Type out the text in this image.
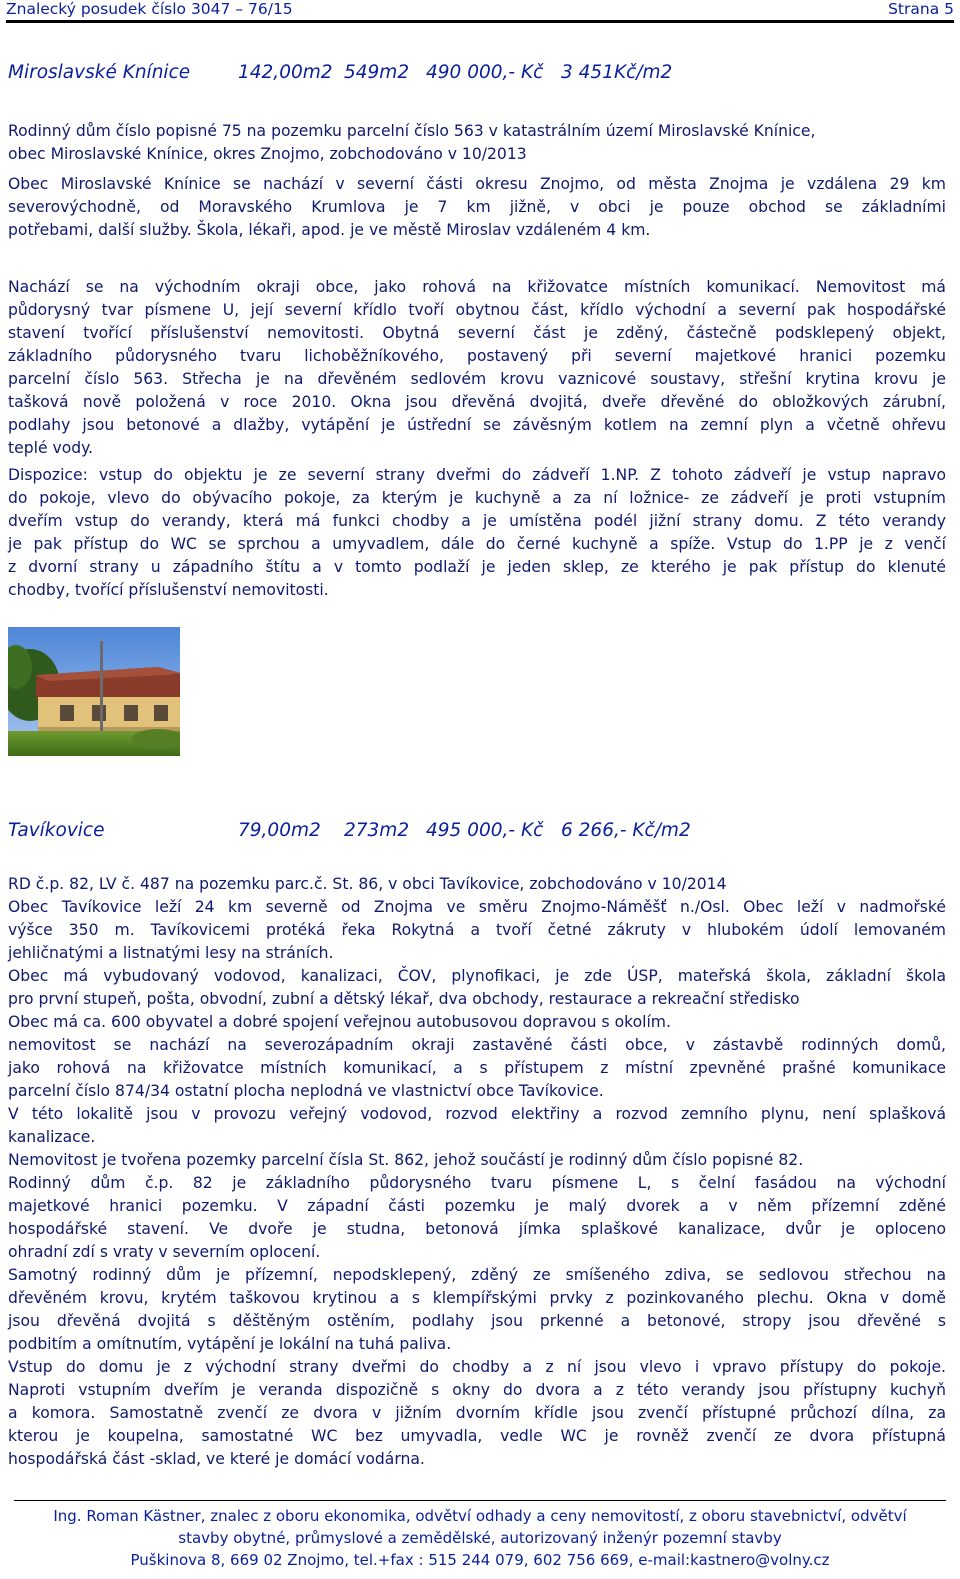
Znalecký posudek číslo 3047 – 76/15	Strana 5
Miroslavské Knínice	142,00m2 549m2 490 000,- Kč 3 451Kč/m2
Rodinný dům číslo popisné 75 na pozemku parcelní číslo 563 v katastrálním území Miroslavské Knínice,
obec Miroslavské Knínice, okres Znojmo, zobchodováno v 10/2013
Obec Miroslavské Knínice se nachází v severní části okresu Znojmo, od města Znojma je vzdálena 29 km
severovýchodně, od Moravského Krumlova je 7 km jižně, v obci je pouze obchod se základními
potřebami, další služby. Škola, lékaři, apod. je ve městě Miroslav vzdáleném 4 km.
Nachází se na východním okraji obce, jako rohová na křižovatce místních komunikací. Nemovitost má
půdorysný tvar písmene U, její severní křídlo tvoří obytnou část, křídlo východní a severní pak hospodářské
stavení tvořící příslušenství nemovitosti. Obytná severní část je zděný, částečně podsklepený objekt,
základního půdorysného tvaru lichoběžníkového, postavený při severní majetkové hranici pozemku
parcelní číslo 563. Střecha je na dřevěném sedlovém krovu vaznicové soustavy, střešní krytina krovu je
tašková nově položená v roce 2010. Okna jsou dřevěná dvojitá, dveře dřevěné do obložkových zárubní,
podlahy jsou betonové a dlažby, vytápění je ústřední se závěsným kotlem na zemní plyn a včetně ohřevu
teplé vody.
Dispozice: vstup do objektu je ze severní strany dveřmi do zádveří 1.NP. Z tohoto zádveří je vstup napravo
do pokoje, vlevo do obývacího pokoje, za kterým je kuchyně a za ní ložnice- ze zádveří je proti vstupním
dveřím vstup do verandy, která má funkci chodby a je umístěna podél jižní strany domu. Z této verandy
je pak přístup do WC se sprchou a umyvadlem, dále do černé kuchyně a spíže. Vstup do 1.PP je z venčí
z dvorní strany u západního štítu a v tomto podlaží je jeden sklep, ze kterého je pak přístup do klenuté
chodby, tvořící příslušenství nemovitosti.
Tavíkovice	79,00m2 273m2 495 000,- Kč 6 266,- Kč/m2
RD č.p. 82, LV č. 487 na pozemku parc.č. St. 86, v obci Tavíkovice, zobchodováno v 10/2014
Obec Tavíkovice leží 24 km severně od Znojma ve směru Znojmo-Náměšť n./Osl. Obec leží v nadmořské
výšce 350 m. Tavíkovicemi protéká řeka Rokytná a tvoří četné zákruty v hlubokém údolí lemovaném
jehličnatými a listnatými lesy na stráních.
Obec má vybudovaný vodovod, kanalizaci, ČOV, plynofikaci, je zde ÚSP, mateřská škola, základní škola
pro první stupeň, pošta, obvodní, zubní a dětský lékař, dva obchody, restaurace a rekreační středisko
Obec má ca. 600 obyvatel a dobré spojení veřejnou autobusovou dopravou s okolím.
nemovitost se nachází na severozápadním okraji zastavěné části obce, v zástavbě rodinných domů,
jako rohová na křižovatce místních komunikací, a s přístupem z místní zpevněné prašné komunikace
parcelní číslo 874/34 ostatní plocha neplodná ve vlastnictví obce Tavíkovice.
V této lokalitě jsou v provozu veřejný vodovod, rozvod elektřiny a rozvod zemního plynu, není splašková
kanalizace.
Nemovitost je tvořena pozemky parcelní čísla St. 862, jehož součástí je rodinný dům číslo popisné 82.
Rodinný dům č.p. 82 je základního půdorysného tvaru písmene L, s čelní fasádou na východní
majetkové hranici pozemku. V západní části pozemku je malý dvorek a v něm přízemní zděné
hospodářské stavení. Ve dvoře je studna, betonová jímka splaškové kanalizace, dvůr je oploceno
ohradní zdí s vraty v severním oplocení.
Samotný rodinný dům je přízemní, nepodsklepený, zděný ze smíšeného zdiva, se sedlovou střechou na
dřevěném krovu, krytém taškovou krytinou a s klempířskými prvky z pozinkovaného plechu. Okna v domě
jsou dřevěná dvojitá s děštěným ostěním, podlahy jsou prkenné a betonové, stropy jsou dřevěné s
podbitím a omítnutím, vytápění je lokální na tuhá paliva.
Vstup do domu je z východní strany dveřmi do chodby a z ní jsou vlevo i vpravo přístupy do pokoje.
Naproti vstupním dveřím je veranda dispozičně s okny do dvora a z této verandy jsou přístupny kuchyň
a komora. Samostatně zvenčí ze dvora v jižním dvorním křídle jsou zvenčí přístupné průchozí dílna, za
kterou je koupelna, samostatné WC bez umyvadla, vedle WC je rovněž zvenčí ze dvora přístupná
hospodářská část -sklad, ve které je domácí vodárna.
Ing. Roman Kästner, znalec z oboru ekonomika, odvětví odhady a ceny nemovitostí, z oboru stavebnictví, odvětví
stavby obytné, průmyslové a zemědělské, autorizovaný inženýr pozemní stavby
Puškinova 8, 669 02 Znojmo, tel.+fax : 515 244 079, 602 756 669, e-mail:kastnero@volny.cz
